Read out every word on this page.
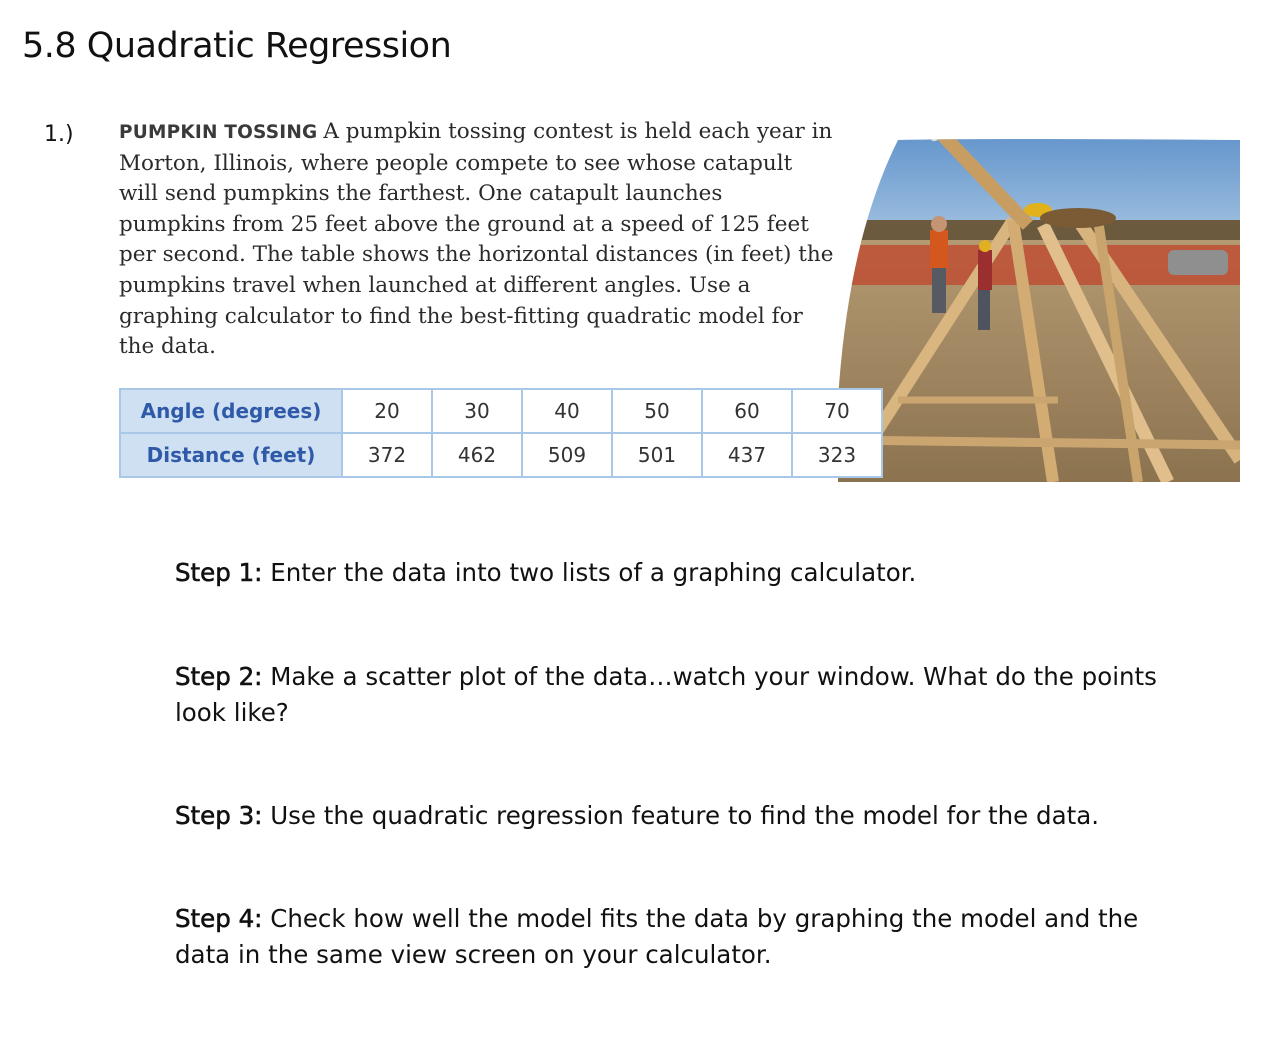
5.8 Quadratic Regression
1.) PUMPKIN TOSSING A pumpkin tossing contest is held each year in Morton, Illinois, where people compete to see whose catapult will send pumpkins the farthest. One catapult launches pumpkins from 25 feet above the ground at a speed of 125 feet per second. The table shows the horizontal distances (in feet) the pumpkins travel when launched at different angles. Use a graphing calculator to find the best-fitting quadratic model for the data.

Angle (degrees)	20	30	40	50	60	70
Distance (feet)	372	462	509	501	437	323

Step 1: Enter the data into two lists of a graphing calculator.

Step 2: Make a scatter plot of the data…watch your window. What do the points look like?

Step 3: Use the quadratic regression feature to find the model for the data.

Step 4: Check how well the model fits the data by graphing the model and the data in the same view screen on your calculator.
